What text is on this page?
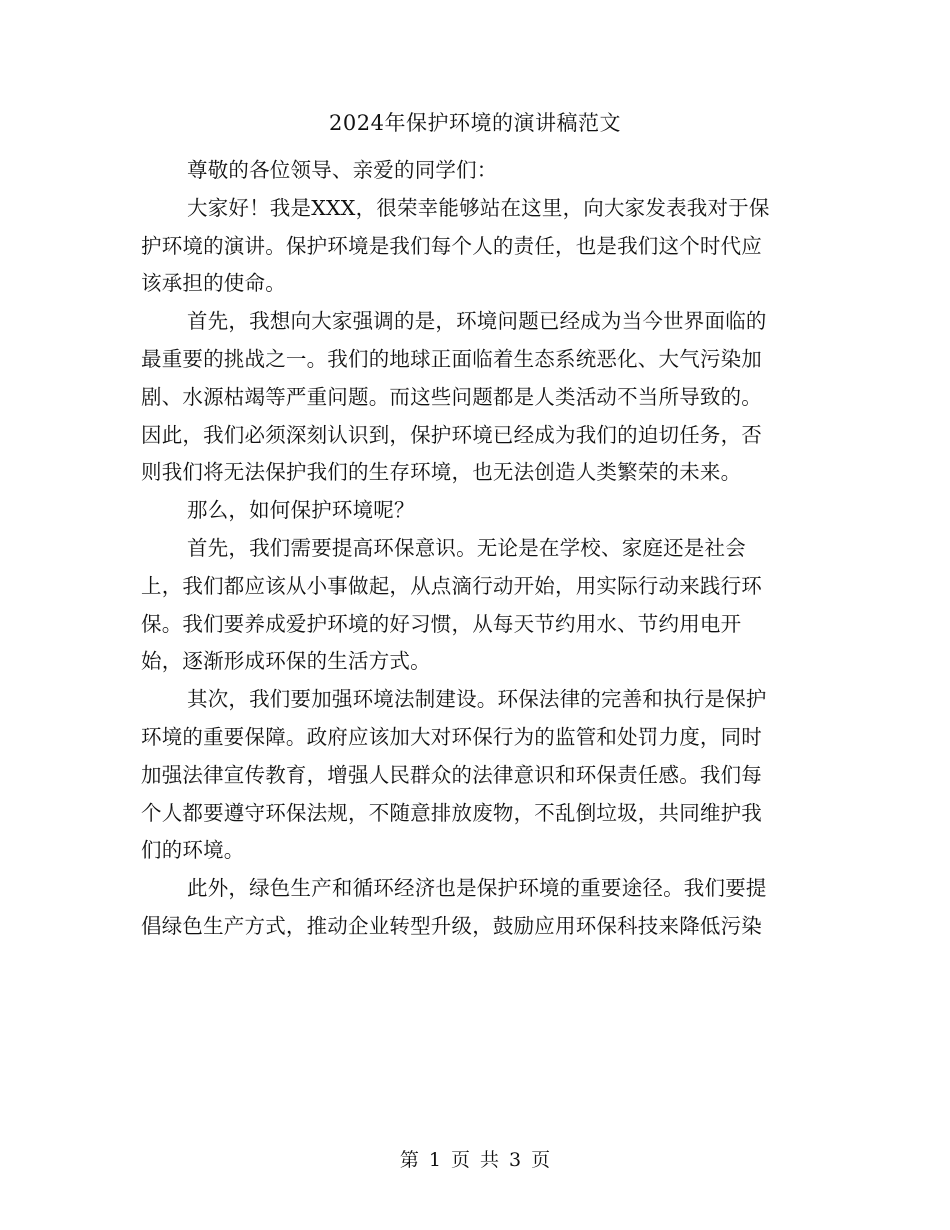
2024年保护环境的演讲稿范文
尊敬的各位领导、亲爱的同学们：
大家好！我是XXX，很荣幸能够站在这里，向大家发表我对于保
护环境的演讲。保护环境是我们每个人的责任，也是我们这个时代应
该承担的使命。
首先，我想向大家强调的是，环境问题已经成为当今世界面临的
最重要的挑战之一。我们的地球正面临着生态系统恶化、大气污染加
剧、水源枯竭等严重问题。而这些问题都是人类活动不当所导致的。
因此，我们必须深刻认识到，保护环境已经成为我们的迫切任务，否
则我们将无法保护我们的生存环境，也无法创造人类繁荣的未来。
那么，如何保护环境呢？
首先，我们需要提高环保意识。无论是在学校、家庭还是社会
上，我们都应该从小事做起，从点滴行动开始，用实际行动来践行环
保。我们要养成爱护环境的好习惯，从每天节约用水、节约用电开
始，逐渐形成环保的生活方式。
其次，我们要加强环境法制建设。环保法律的完善和执行是保护
环境的重要保障。政府应该加大对环保行为的监管和处罚力度，同时
加强法律宣传教育，增强人民群众的法律意识和环保责任感。我们每
个人都要遵守环保法规，不随意排放废物，不乱倒垃圾，共同维护我
们的环境。
此外，绿色生产和循环经济也是保护环境的重要途径。我们要提
倡绿色生产方式，推动企业转型升级，鼓励应用环保科技来降低污染
第 1 页 共 3 页
